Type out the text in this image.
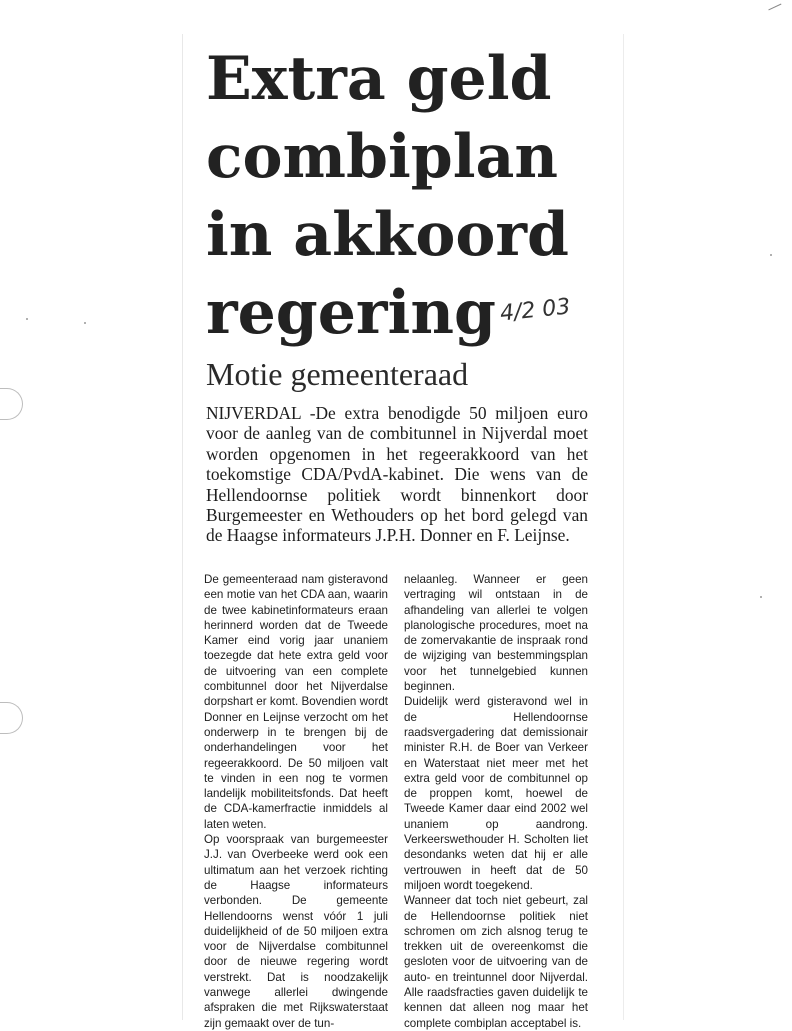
Extra geld
combiplan
in akkoord
regering 4/2 03
Motie gemeenteraad
NIJVERDAL -De extra benodigde 50 miljoen euro voor de aanleg van de combitunnel in Nijverdal moet worden opgenomen in het regeerakkoord van het toekomstige CDA/PvdA-kabinet. Die wens van de Hellendoornse politiek wordt binnenkort door Burgemeester en Wethouders op het bord gelegd van de Haagse informateurs J.P.H. Donner en F. Leijnse.

De gemeenteraad nam gisteravond een motie van het CDA aan, waarin de twee kabinetinformateurs eraan herinnerd worden dat de Tweede Kamer eind vorig jaar unaniem toezegde dat hete extra geld voor de uitvoering van een complete combitunnel door het Nijverdalse dorpshart er komt. Bovendien wordt Donner en Leijnse verzocht om het onderwerp in te brengen bij de onderhandelingen voor het regeerakkoord. De 50 miljoen valt te vinden in een nog te vormen landelijk mobiliteitsfonds. Dat heeft de CDA-kamerfractie inmiddels al laten weten.

Op voorspraak van burgemeester J.J. van Overbeeke werd ook een ultimatum aan het verzoek richting de Haagse informateurs verbonden. De gemeente Hellendoorns wenst vóór 1 juli duidelijkheid of de 50 miljoen extra voor de Nijverdalse combitunnel door de nieuwe regering wordt verstrekt. Dat is noodzakelijk vanwege allerlei dwingende afspraken die met Rijkswaterstaat zijn gemaakt over de tun-

nelaanleg. Wanneer er geen vertraging wil ontstaan in de afhandeling van allerlei te volgen planologische procedures, moet na de zomervakantie de inspraak rond de wijziging van bestemmingsplan voor het tunnelgebied kunnen beginnen.

Duidelijk werd gisteravond wel in de Hellendoornse raadsvergadering dat demissionair minister R.H. de Boer van Verkeer en Waterstaat niet meer met het extra geld voor de combitunnel op de proppen komt, hoewel de Tweede Kamer daar eind 2002 wel unaniem op aandrong. Verkeerswethouder H. Scholten liet desondanks weten dat hij er alle vertrouwen in heeft dat de 50 miljoen wordt toegekend.

Wanneer dat toch niet gebeurt, zal de Hellendoornse politiek niet schromen om zich alsnog terug te trekken uit de overeenkomst die gesloten voor de uitvoering van de auto- en treintunnel door Nijverdal. Alle raadsfracties gaven duidelijk te kennen dat alleen nog maar het complete combiplan acceptabel is.
